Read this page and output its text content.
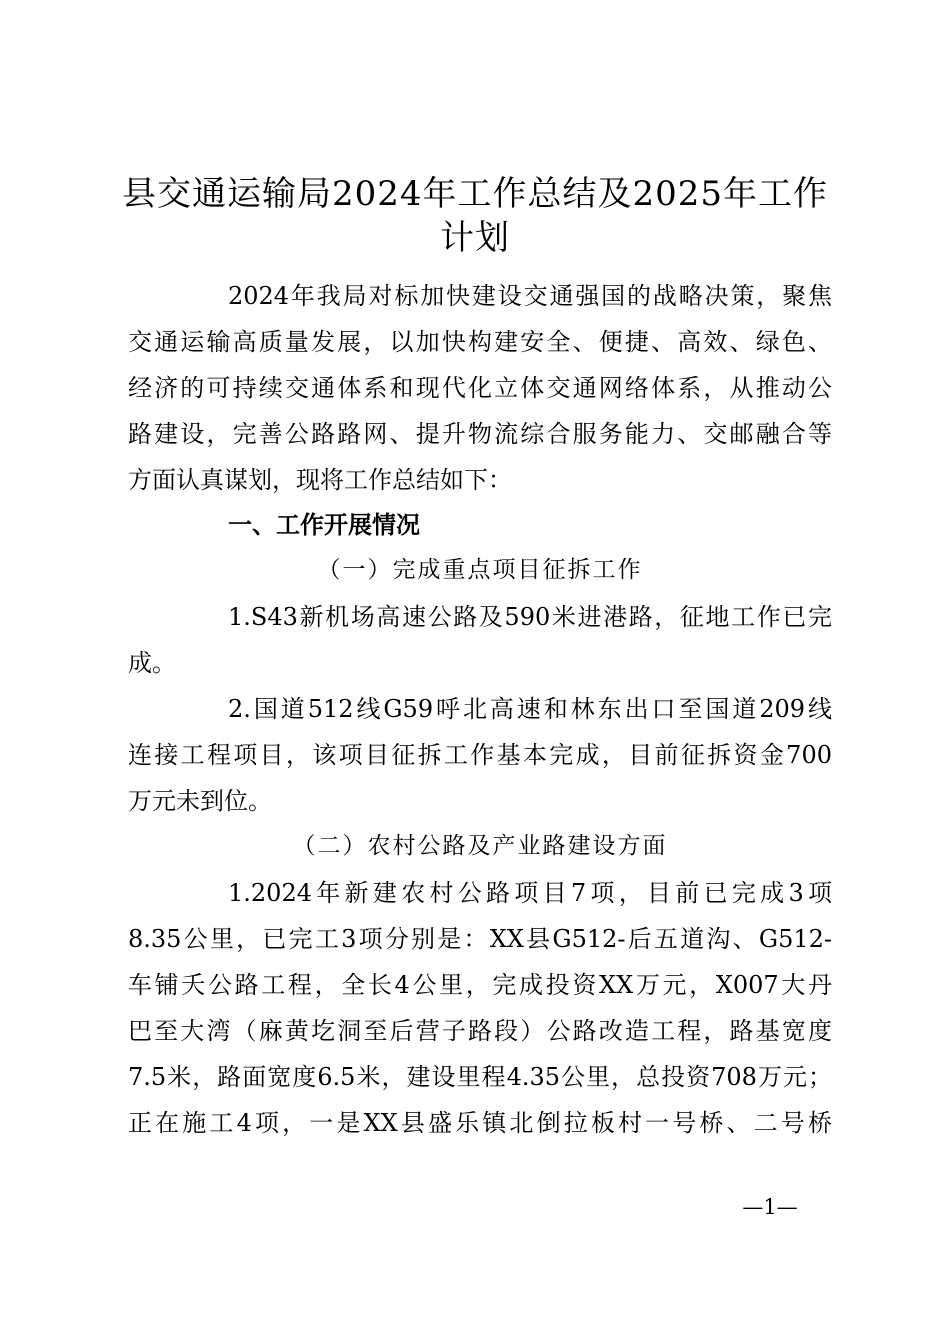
县交通运输局2024年工作总结及2025年工作
计划
2024年我局对标加快建设交通强国的战略决策，聚焦
交通运输高质量发展，以加快构建安全、便捷、高效、绿色、
经济的可持续交通体系和现代化立体交通网络体系，从推动公
路建设，完善公路路网、提升物流综合服务能力、交邮融合等
方面认真谋划，现将工作总结如下：
一、工作开展情况
（一）完成重点项目征拆工作
1.S43新机场高速公路及590米进港路，征地工作已完
成。
2.国道512线G59呼北高速和林东出口至国道209线
连接工程项目，该项目征拆工作基本完成，目前征拆资金700
万元未到位。
（二）农村公路及产业路建设方面
1.2024年新建农村公路项目7项，目前已完成3项
8.35公里，已完工3项分别是：XX县G512-后五道沟、G512-
车铺夭公路工程，全长4公里，完成投资XX万元，X007大丹
巴至大湾（麻黄圪洞至后营子路段）公路改造工程，路基宽度
7.5米，路面宽度6.5米，建设里程4.35公里，总投资708万元；
正在施工4项，一是XX县盛乐镇北倒拉板村一号桥、二号桥
—1—
